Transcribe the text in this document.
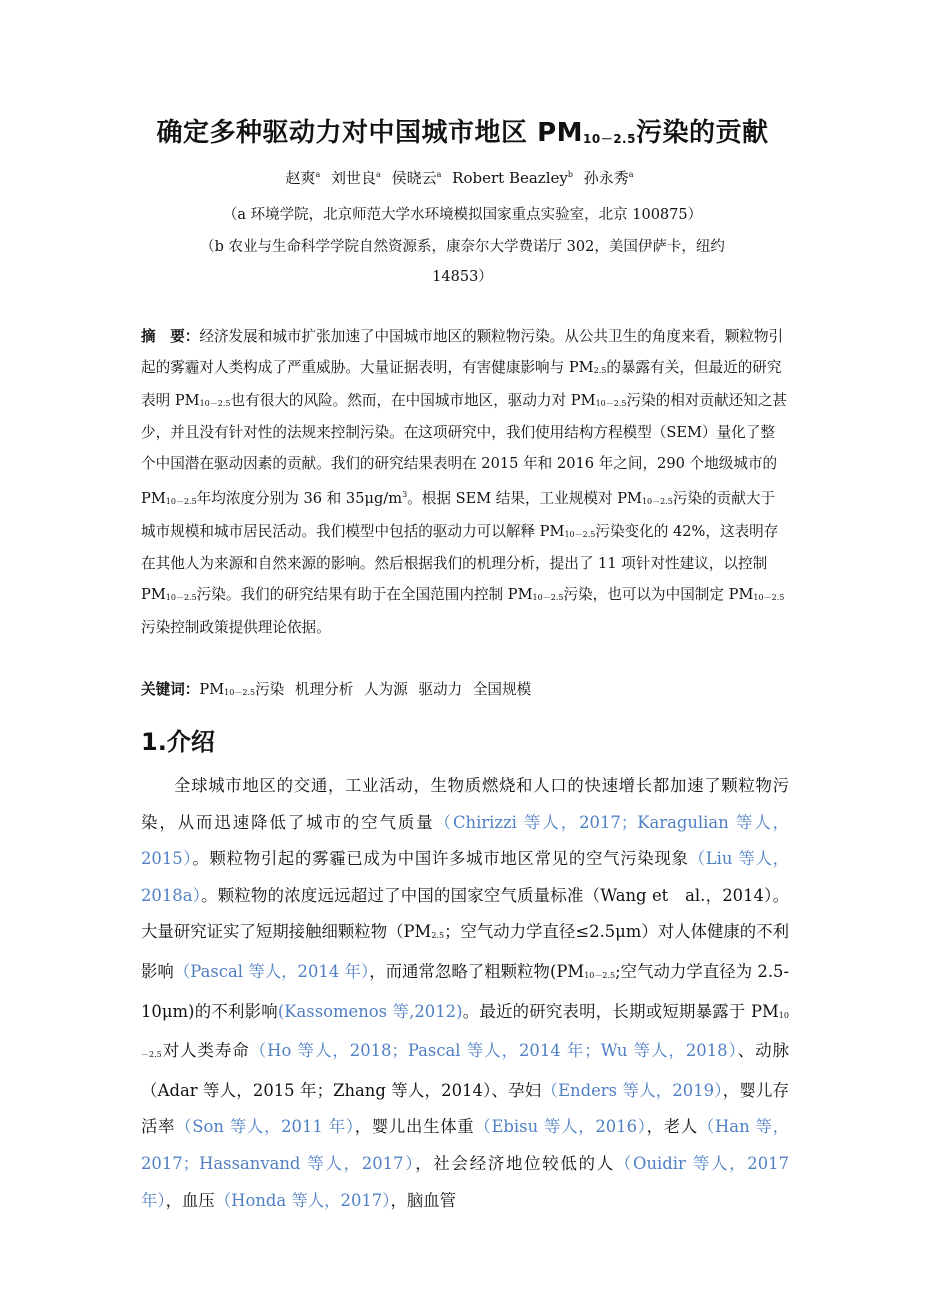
确定多种驱动力对中国城市地区 $PM_{10-2.5}$污染的贡献
赵爽$^a$ 刘世良$^a$ 侯晓云$^a$ Robert Beazley$^b$ 孙永秀$^a$
（a 环境学院，北京师范大学水环境模拟国家重点实验室，北京 100875）
（b 农业与生命科学学院自然资源系，康奈尔大学费诺厅 302，美国伊萨卡，纽约
14853）

摘　要：经济发展和城市扩张加速了中国城市地区的颗粒物污染。从公共卫生的角度来看，颗粒物引起的雾霾对人类构成了严重威胁。大量证据表明，有害健康影响与 $PM_{2.5}$的暴露有关，但最近的研究表明 $PM_{10-2.5}$也有很大的风险。然而，在中国城市地区，驱动力对 $PM_{10-2.5}$污染的相对贡献还知之甚少，并且没有针对性的法规来控制污染。在这项研究中，我们使用结构方程模型（SEM）量化了整个中国潜在驱动因素的贡献。我们的研究结果表明在 2015 年和 2016 年之间，290 个地级城市的 $PM_{10-2.5}$年均浓度分别为 36 和 $35\mu g/m^3$。根据 SEM 结果，工业规模对 $PM_{10-2.5}$污染的贡献大于城市规模和城市居民活动。我们模型中包括的驱动力可以解释 $PM_{10-2.5}$污染变化的 42%，这表明存在其他人为来源和自然来源的影响。然后根据我们的机理分析，提出了 11 项针对性建议，以控制 $PM_{10-2.5}$污染。我们的研究结果有助于在全国范围内控制 $PM_{10-2.5}$污染，也可以为中国制定 $PM_{10-2.5}$污染控制政策提供理论依据。

关键词：$PM_{10-2.5}$污染 机理分析 人为源 驱动力 全国规模
1.介绍

全球城市地区的交通，工业活动，生物质燃烧和人口的快速增长都加速了颗粒物污染，从而迅速降低了城市的空气质量（Chirizzi 等人，2017；Karagulian 等人，2015）。颗粒物引起的雾霾已成为中国许多城市地区常见的空气污染现象（Liu 等人，2018a）。颗粒物的浓度远远超过了中国的国家空气质量标准（Wang et　al.，2014）。大量研究证实了短期接触细颗粒物（$PM_{2.5}$；空气动力学直径≤2.5μm）对人体健康的不利影响（Pascal 等人，2014 年），而通常忽略了粗颗粒物($PM_{10-2.5}$;空气动力学直径为 2.5-10μm)的不利影响(Kassomenos 等,2012)。最近的研究表明，长期或短期暴露于 $PM_{10-2.5}$对人类寿命（Ho 等人，2018；Pascal 等人，2014 年；Wu 等人，2018）、动脉（Adar 等人，2015 年；Zhang 等人，2014）、孕妇（Enders 等人，2019），婴儿存活率（Son 等人，2011 年），婴儿出生体重（Ebisu 等人，2016），老人（Han 等，2017；Hassanvand 等人，2017），社会经济地位较低的人（Ouidir 等人，2017 年），血压（Honda 等人，2017），脑血管
